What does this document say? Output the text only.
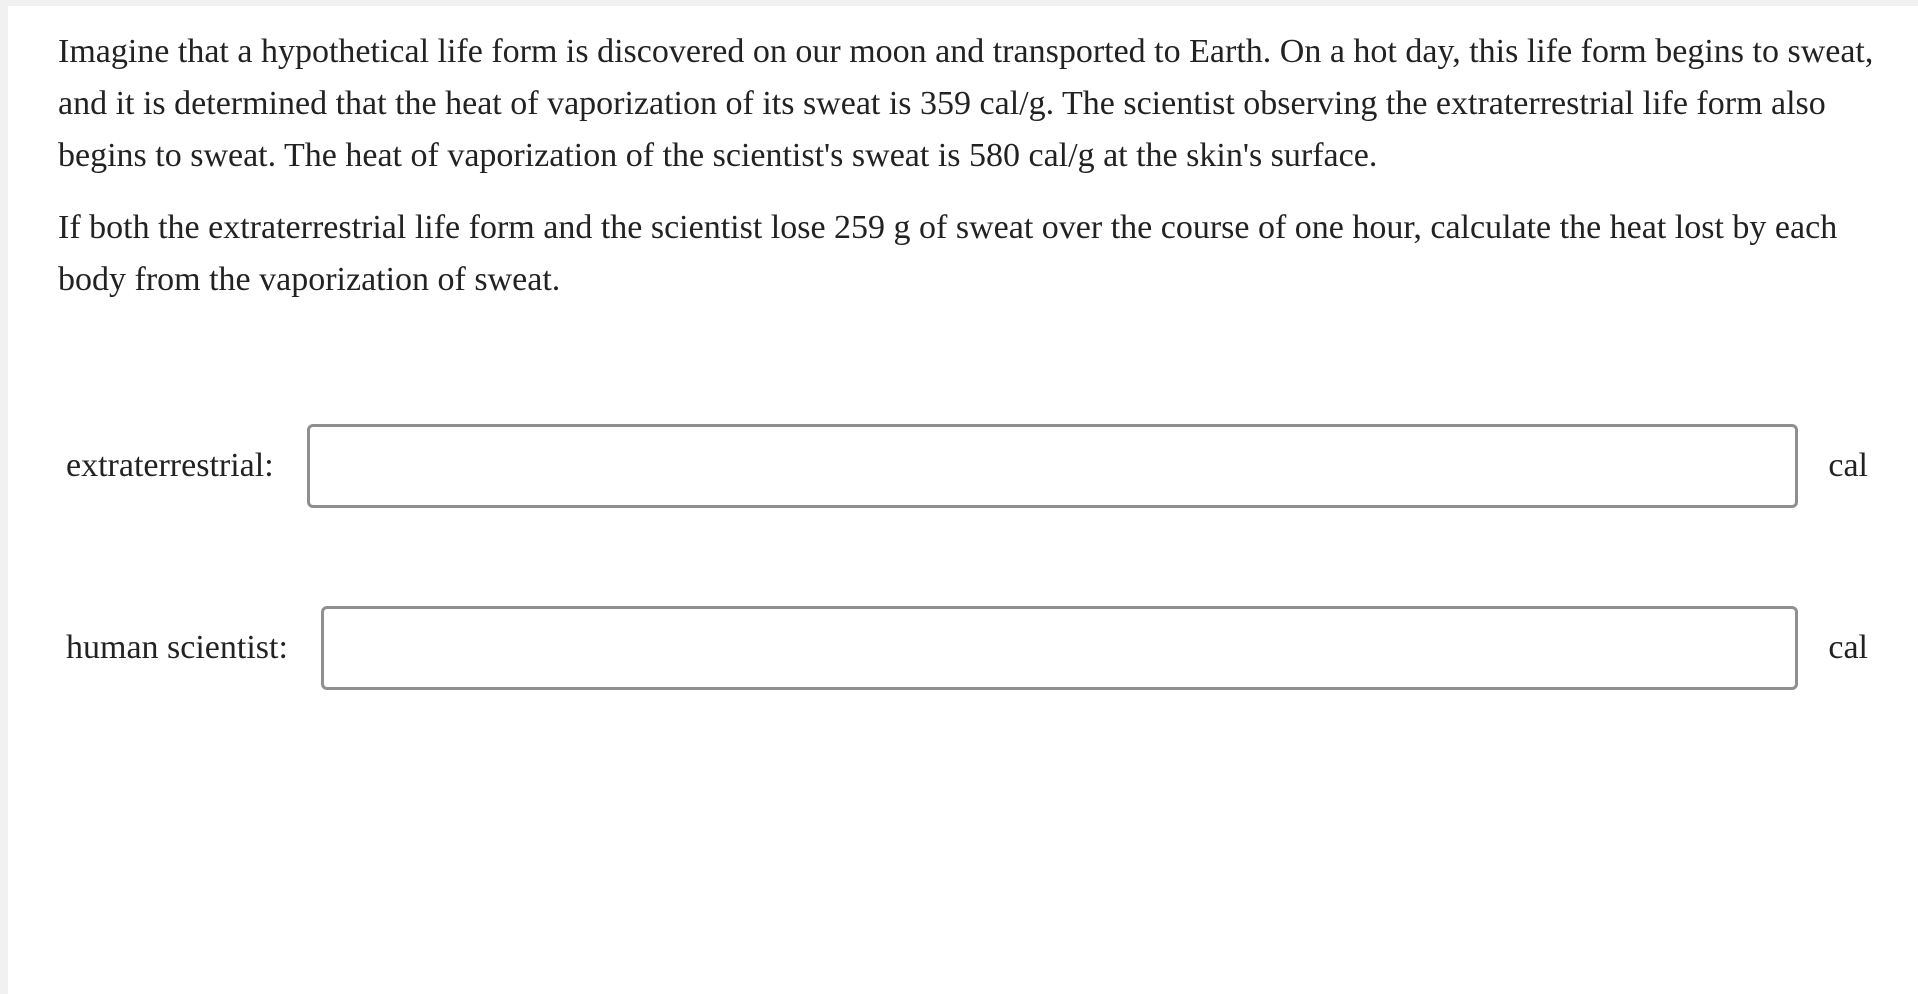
Imagine that a hypothetical life form is discovered on our moon and transported to Earth. On a hot day, this life form begins to sweat, and it is determined that the heat of vaporization of its sweat is 359 cal/g. The scientist observing the extraterrestrial life form also begins to sweat. The heat of vaporization of the scientist's sweat is 580 cal/g at the skin's surface.

If both the extraterrestrial life form and the scientist lose 259 g of sweat over the course of one hour, calculate the heat lost by each body from the vaporization of sweat.

extraterrestrial:	cal
human scientist:	cal
